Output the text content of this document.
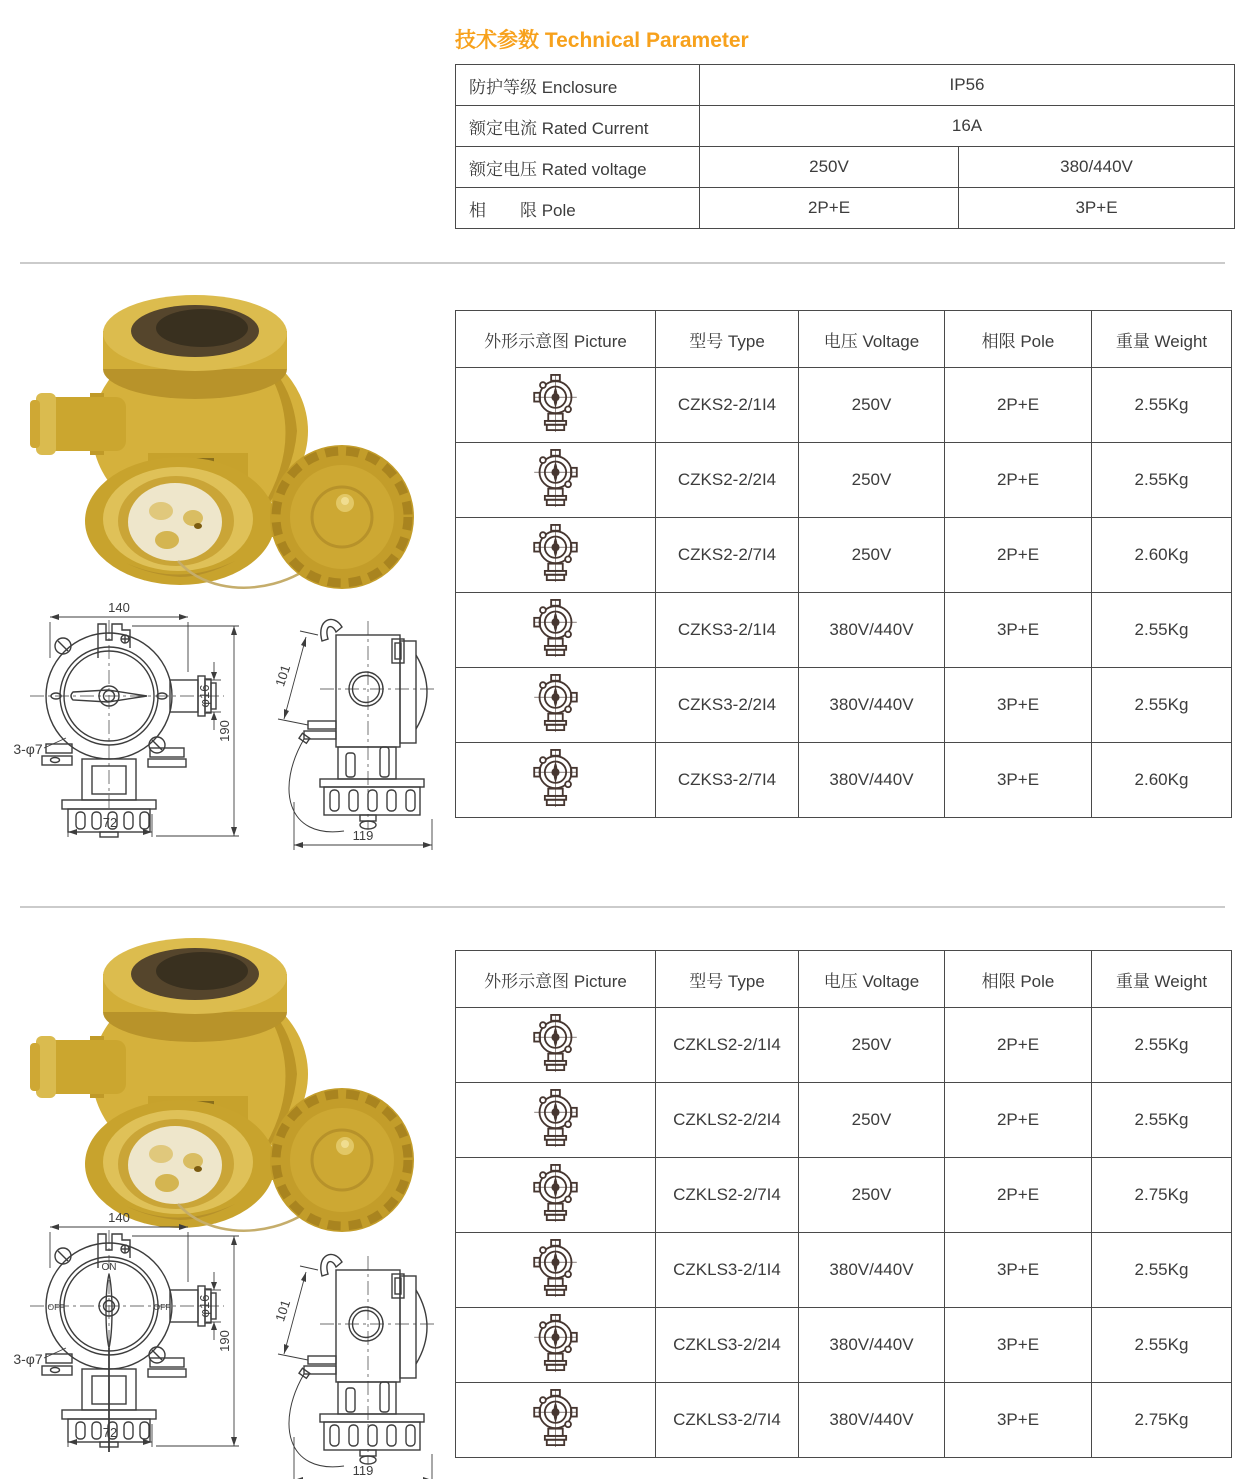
技术参数 Technical Parameter
防护等级 Enclosure	IP56	
额定电流 Rated Current	16A	
额定电压 Rated voltage	250V	380/440V
相　　限 Pole	2P+E	3P+E
140
190
φ16
72
3-φ7
ON
OFF	OFF
101
119
外形示意图 Picture	型号 Type	电压 Voltage	相限 Pole	重量 Weight
	CZKS2-2/1I4	250V	2P+E	2.55Kg
	CZKS2-2/2I4	250V	2P+E	2.55Kg
	CZKS2-2/7I4	250V	2P+E	2.60Kg
	CZKS3-2/1I4	380V/440V	3P+E	2.55Kg
	CZKS3-2/2I4	380V/440V	3P+E	2.55Kg
	CZKS3-2/7I4	380V/440V	3P+E	2.60Kg
140
190
φ16
72
3-φ7
ON
OFF	OFF	101
119
外形示意图 Picture	型号 Type	电压 Voltage	相限 Pole	重量 Weight
	CZKLS2-2/1I4	250V	2P+E	2.55Kg
	CZKLS2-2/2I4	250V	2P+E	2.55Kg
	CZKLS2-2/7I4	250V	2P+E	2.75Kg
	CZKLS3-2/1I4	380V/440V	3P+E	2.55Kg
	CZKLS3-2/2I4	380V/440V	3P+E	2.55Kg
	CZKLS3-2/7I4	380V/440V	3P+E	2.75Kg
